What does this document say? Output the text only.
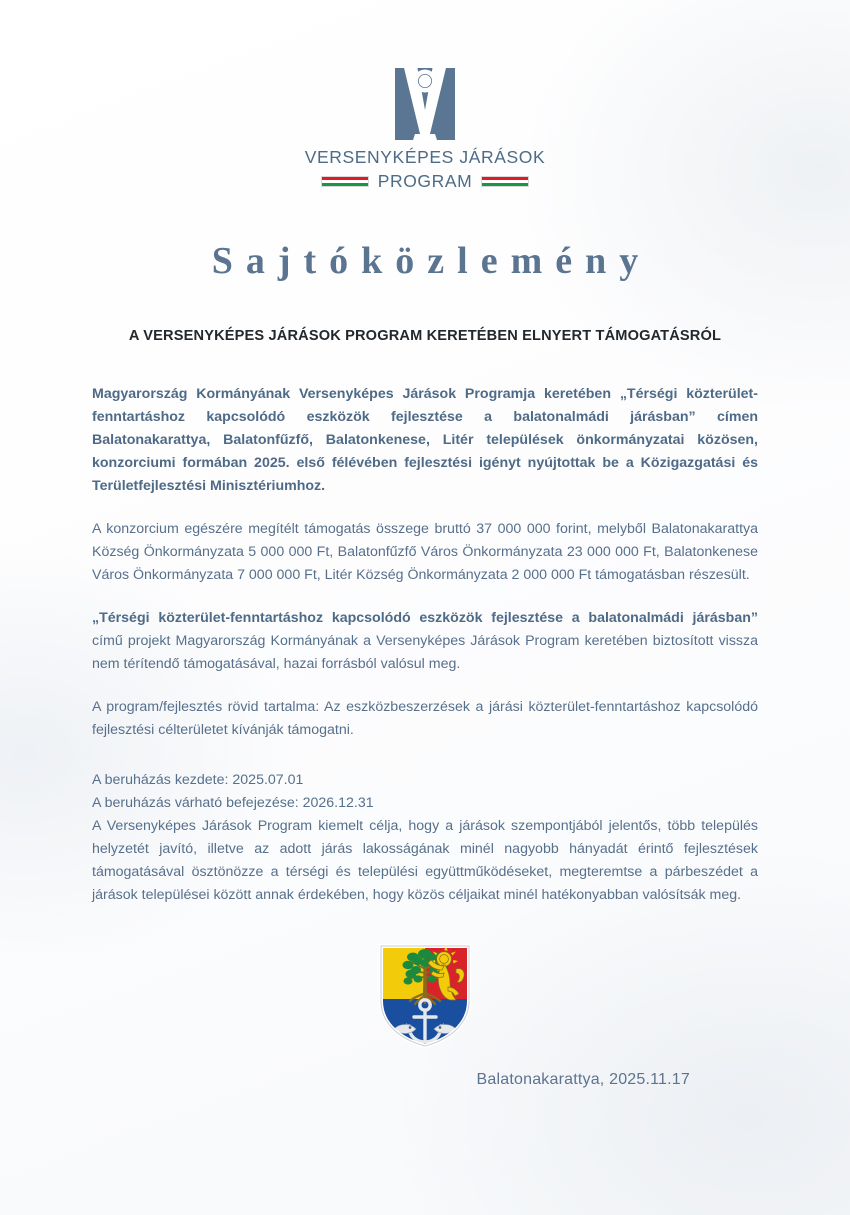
VERSENYKÉPES JÁRÁSOK
PROGRAM
Sajtóközlemény
A VERSENYKÉPES JÁRÁSOK PROGRAM KERETÉBEN ELNYERT TÁMOGATÁSRÓL

Magyarország Kormányának Versenyképes Járások Programja keretében „Térségi közterület-fenntartáshoz kapcsolódó eszközök fejlesztése a balatonalmádi járásban” címen Balatonakarattya, Balatonfűzfő, Balatonkenese, Litér települések önkormányzatai közösen, konzorciumi formában 2025. első félévében fejlesztési igényt nyújtottak be a Közigazgatási és Területfejlesztési Minisztériumhoz.

A konzorcium egészére megítélt támogatás összege bruttó 37 000 000 forint, melyből Balatonakarattya Község Önkormányzata 5 000 000 Ft, Balatonfűzfő Város Önkormányzata 23 000 000 Ft, Balatonkenese Város Önkormányzata 7 000 000 Ft, Litér Község Önkormányzata 2 000 000 Ft támogatásban részesült.

„Térségi közterület-fenntartáshoz kapcsolódó eszközök fejlesztése a balatonalmádi járásban” című projekt Magyarország Kormányának a Versenyképes Járások Program keretében biztosított vissza nem térítendő támogatásával, hazai forrásból valósul meg.

A program/fejlesztés rövid tartalma: Az eszközbeszerzések a járási közterület-fenntartáshoz kapcsolódó fejlesztési célterületet kívánják támogatni.

A beruházás kezdete: 2025.07.01
A beruházás várható befejezése: 2026.12.31

A Versenyképes Járások Program kiemelt célja, hogy a járások szempontjából jelentős, több település helyzetét javító, illetve az adott járás lakosságának minél nagyobb hányadát érintő fejlesztések támogatásával ösztönözze a térségi és települési együttműködéseket, megteremtse a párbeszédet a járások települései között annak érdekében, hogy közös céljaikat minél hatékonyabban valósítsák meg.

Balatonakarattya, 2025.11.17
